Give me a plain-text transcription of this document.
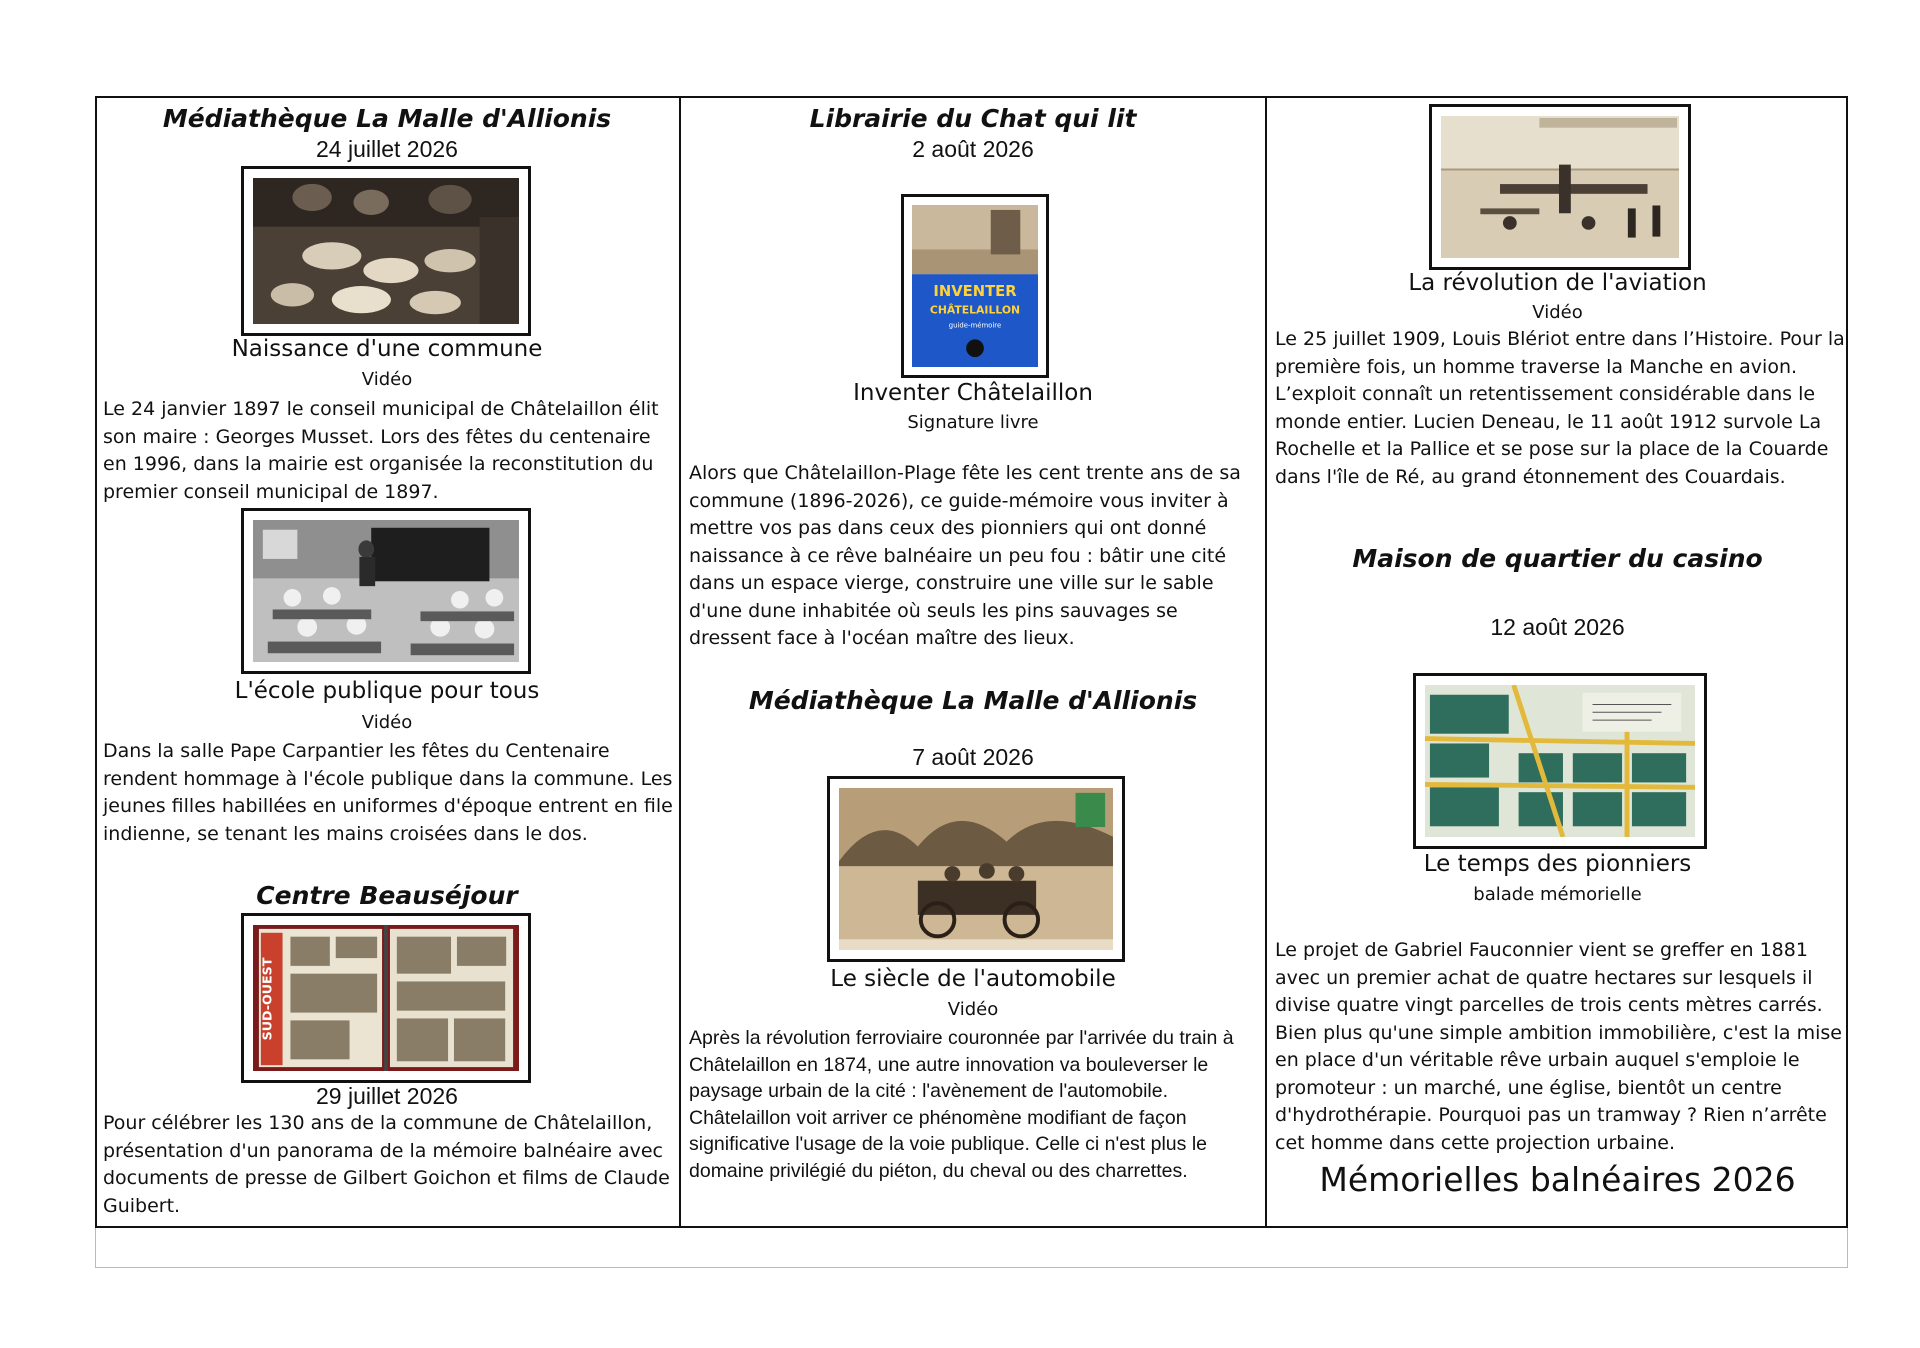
Médiathèque La Malle d'Allionis
24 juillet 2026
Naissance d'une commune
Vidéo
Le 24 janvier 1897 le conseil municipal de Châtelaillon élit son maire : Georges Musset. Lors des fêtes du centenaire en 1996, dans la mairie est organisée la reconstitution du premier conseil municipal de 1897.
L'école publique pour tous
Vidéo
Dans la salle Pape Carpantier les fêtes du Centenaire rendent hommage à l'école publique dans la commune. Les jeunes filles habillées en uniformes d'époque entrent en file indienne, se tenant les mains croisées dans le dos.
Centre Beauséjour
SUD-OUEST
29 juillet 2026
Pour célébrer les 130 ans de la commune de Châtelaillon, présentation d'un panorama de la mémoire balnéaire avec documents de presse de Gilbert Goichon et films de Claude Guibert.
Librairie du Chat qui lit
2 août 2026
INVENTER
CHÂTELAILLON
guide-mémoire
Inventer Châtelaillon
Signature livre
Alors que Châtelaillon-Plage fête les cent trente ans de sa commune (1896-2026), ce guide-mémoire vous inviter à mettre vos pas dans ceux des pionniers qui ont donné naissance à ce rêve balnéaire un peu fou : bâtir une cité dans un espace vierge, construire une ville sur le sable d'une dune inhabitée où seuls les pins sauvages se dressent face à l'océan maître des lieux.
Médiathèque La Malle d'Allionis
7 août 2026
Le siècle de l'automobile
Vidéo
Après la révolution ferroviaire couronnée par l'arrivée du train à Châtelaillon en 1874, une autre innovation va bouleverser le paysage urbain de la cité : l'avènement de l'automobile. Châtelaillon voit arriver ce phénomène modifiant de façon significative l'usage de la voie publique. Celle ci n'est plus le domaine privilégié du piéton, du cheval ou des charrettes.
La révolution de l'aviation
Vidéo
Le 25 juillet 1909, Louis Blériot entre dans l’Histoire. Pour la première fois, un homme traverse la Manche en avion. L’exploit connaît un retentissement considérable dans le monde entier. Lucien Deneau, le 11 août 1912 survole La Rochelle et la Pallice et se pose sur la place de la Couarde dans l'île de Ré, au grand étonnement des Couardais.
Maison de quartier du casino
12 août 2026
Le temps des pionniers
balade mémorielle
Le projet de Gabriel Fauconnier vient se greffer en 1881 avec un premier achat de quatre hectares sur lesquels il divise quatre vingt parcelles de trois cents mètres carrés. Bien plus qu'une simple ambition immobilière, c'est la mise en place d'un véritable rêve urbain auquel s'emploie le promoteur : un marché, une église, bientôt un centre d'hydrothérapie. Pourquoi pas un tramway ? Rien n’arrête cet homme dans cette projection urbaine.
Mémorielles balnéaires 2026
